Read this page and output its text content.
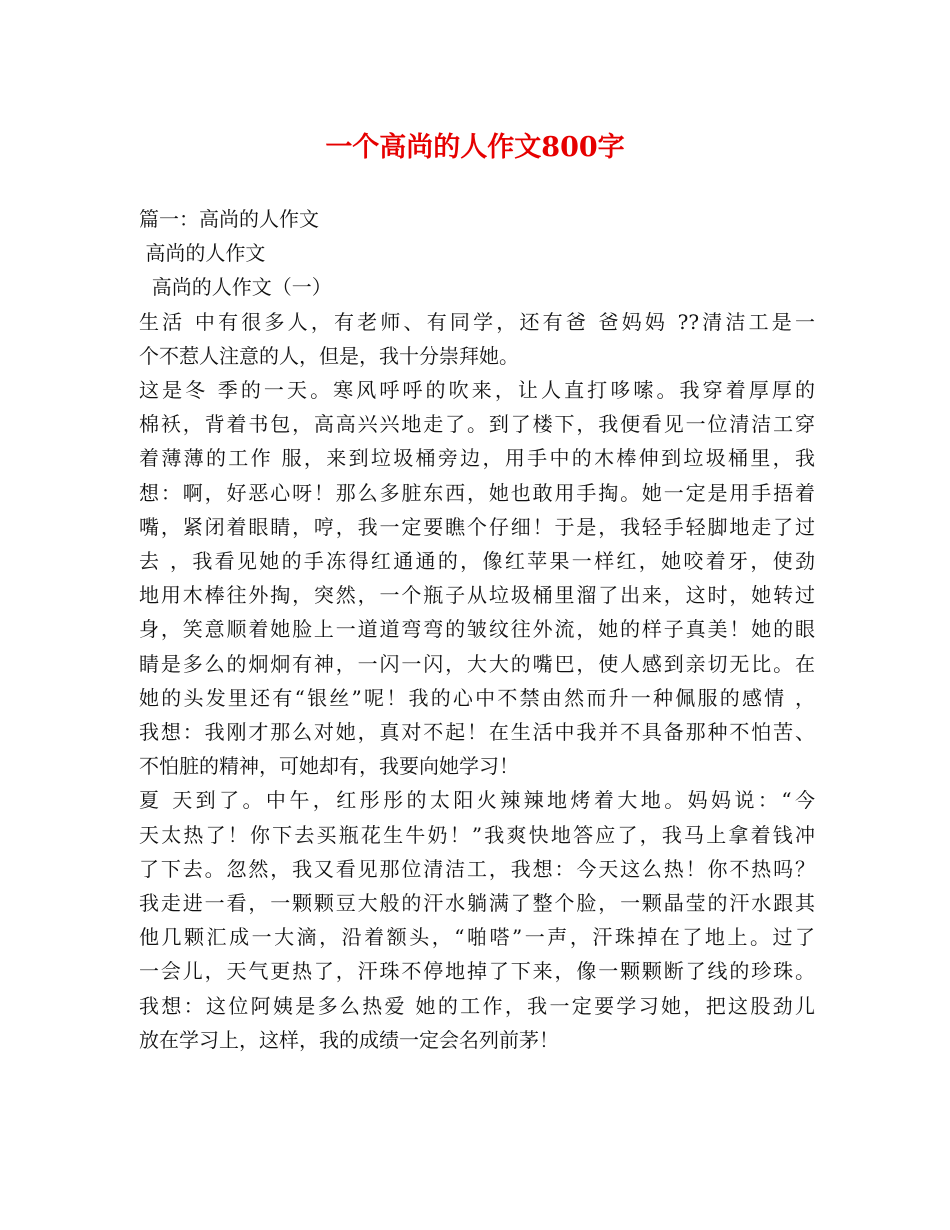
一个高尚的人作文800字
篇一：高尚的人作文
高尚的人作文
高尚的人作文（一）
生活 中有很多人，有老师、有同学，还有爸 爸妈妈 ??清洁工是一
个不惹人注意的人，但是，我十分崇拜她。
这是冬 季的一天。寒风呼呼的吹来，让人直打哆嗦。我穿着厚厚的
棉袄，背着书包，高高兴兴地走了。到了楼下，我便看见一位清洁工穿
着薄薄的工作 服，来到垃圾桶旁边，用手中的木棒伸到垃圾桶里，我
想：啊，好恶心呀！那么多脏东西，她也敢用手掏。她一定是用手捂着
嘴，紧闭着眼睛，哼，我一定要瞧个仔细！于是，我轻手轻脚地走了过
去 ，我看见她的手冻得红通通的，像红苹果一样红，她咬着牙，使劲
地用木棒往外掏，突然，一个瓶子从垃圾桶里溜了出来，这时，她转过
身，笑意顺着她脸上一道道弯弯的皱纹往外流，她的样子真美！她的眼
睛是多么的炯炯有神，一闪一闪，大大的嘴巴，使人感到亲切无比。在
她的头发里还有“银丝”呢！我的心中不禁由然而升一种佩服的感情 ，
我想：我刚才那么对她，真对不起！在生活中我并不具备那种不怕苦、
不怕脏的精神，可她却有，我要向她学习！
夏 天到了。中午，红彤彤的太阳火辣辣地烤着大地。妈妈说：“今
天太热了！你下去买瓶花生牛奶！”我爽快地答应了，我马上拿着钱冲
了下去。忽然，我又看见那位清洁工，我想：今天这么热！你不热吗？
我走进一看，一颗颗豆大般的汗水躺满了整个脸，一颗晶莹的汗水跟其
他几颗汇成一大滴，沿着额头，“啪嗒”一声，汗珠掉在了地上。过了
一会儿，天气更热了，汗珠不停地掉了下来，像一颗颗断了线的珍珠。
我想：这位阿姨是多么热爱 她的工作，我一定要学习她，把这股劲儿
放在学习上，这样，我的成绩一定会名列前茅！
